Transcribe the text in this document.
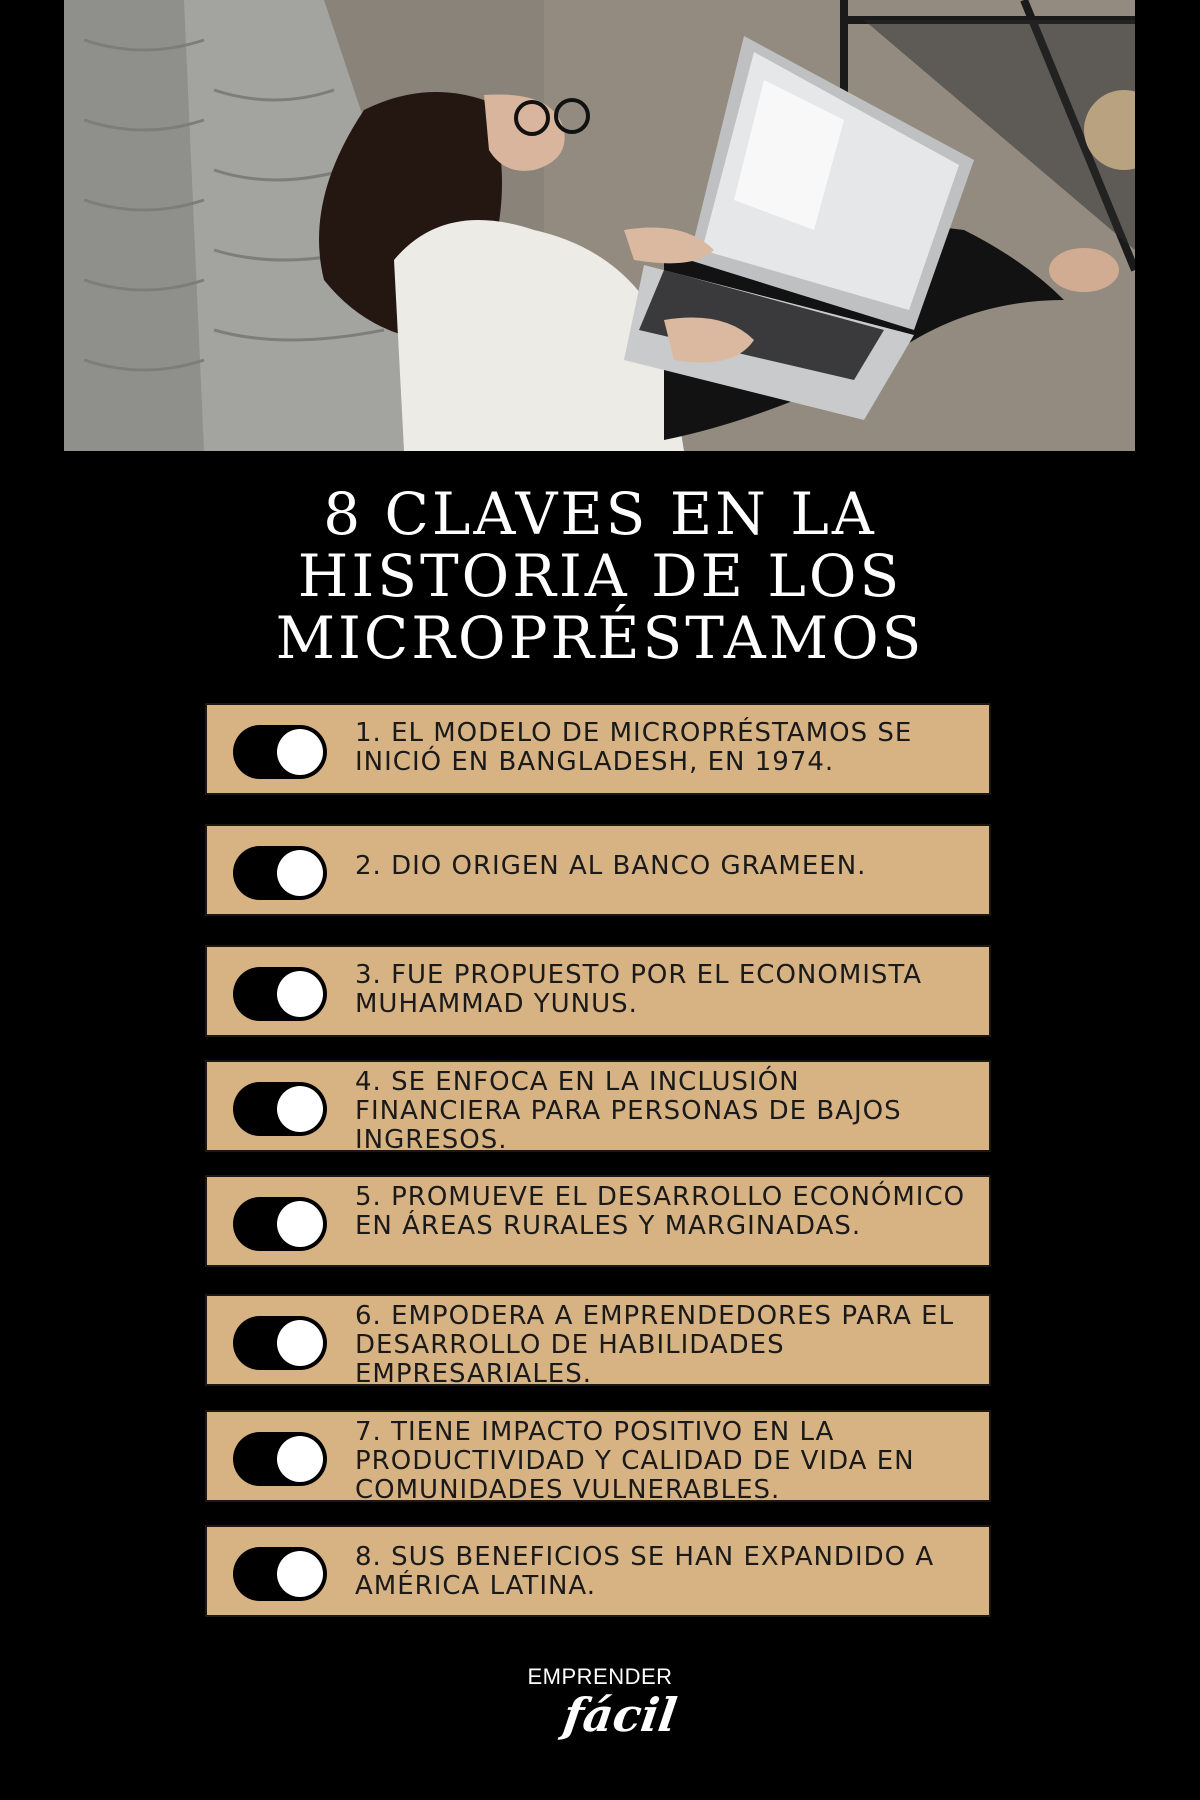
8 CLAVES EN LA
HISTORIA DE LOS
MICROPRÉSTAMOS
1. EL MODELO DE MICROPRÉSTAMOS SE INICIÓ EN BANGLADESH, EN 1974.
2. DIO ORIGEN AL BANCO GRAMEEN.
3. FUE PROPUESTO POR EL ECONOMISTA MUHAMMAD YUNUS.
4. SE ENFOCA EN LA INCLUSIÓN FINANCIERA PARA PERSONAS DE BAJOS INGRESOS.
5. PROMUEVE EL DESARROLLO ECONÓMICO EN ÁREAS RURALES Y MARGINADAS.
6. EMPODERA A EMPRENDEDORES PARA EL DESARROLLO DE HABILIDADES EMPRESARIALES.
7. TIENE IMPACTO POSITIVO EN LA PRODUCTIVIDAD Y CALIDAD DE VIDA EN COMUNIDADES VULNERABLES.
8. SUS BENEFICIOS SE HAN EXPANDIDO A AMÉRICA LATINA.
EMPRENDER
fácil
